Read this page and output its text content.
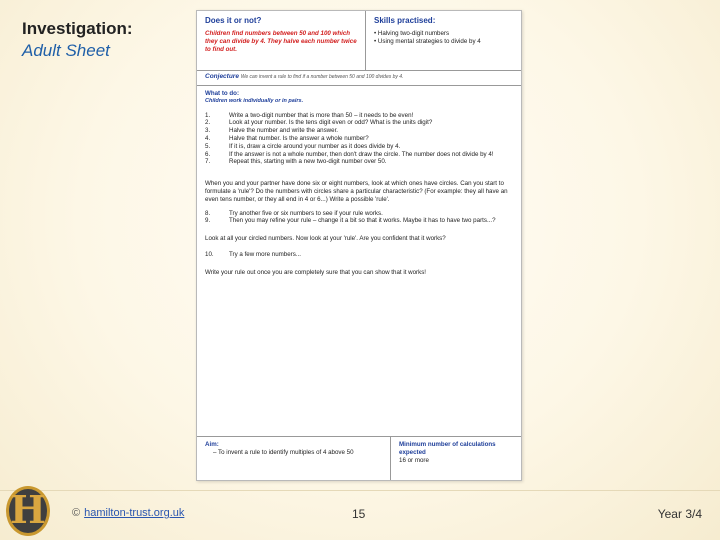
Investigation:
Adult Sheet
Does it or not?
Children find numbers between 50 and 100 which they can divide by 4. They halve each number twice to find out.
Skills practised:
• Halving two-digit numbers
• Using mental strategies to divide by 4
Conjecture We can invent a rule to find if a number between 50 and 100 divides by 4.
What to do:
Children work individually or in pairs.
1.	Write a two-digit number that is more than 50 – it needs to be even!
2.	Look at your number. Is the tens digit even or odd? What is the units digit?
3.	Halve the number and write the answer.
4.	Halve that number. Is the answer a whole number?
5.	If it is, draw a circle around your number as it does divide by 4.
6.	If the answer is not a whole number, then don't draw the circle. The number does not divide by 4!
7.	Repeat this, starting with a new two-digit number over 50.
When you and your partner have done six or eight numbers, look at which ones have circles. Can you start to formulate a 'rule'? Do the numbers with circles share a particular characteristic? (For example: they all have an even tens number, or they all end in 4 or 6...) Write a possible 'rule'.
8.	Try another five or six numbers to see if your rule works.
9.	Then you may refine your rule – change it a bit so that it works. Maybe it has to have two parts...?
Look at all your circled numbers. Now look at your 'rule'. Are you confident that it works?
10.	Try a few more numbers...
Write your rule out once you are completely sure that you can show that it works!
Aim:
– To invent a rule to identify multiples of 4 above 50
Minimum number of calculations expected
16 or more
H	© hamilton-trust.org.uk	15	Year 3/4
